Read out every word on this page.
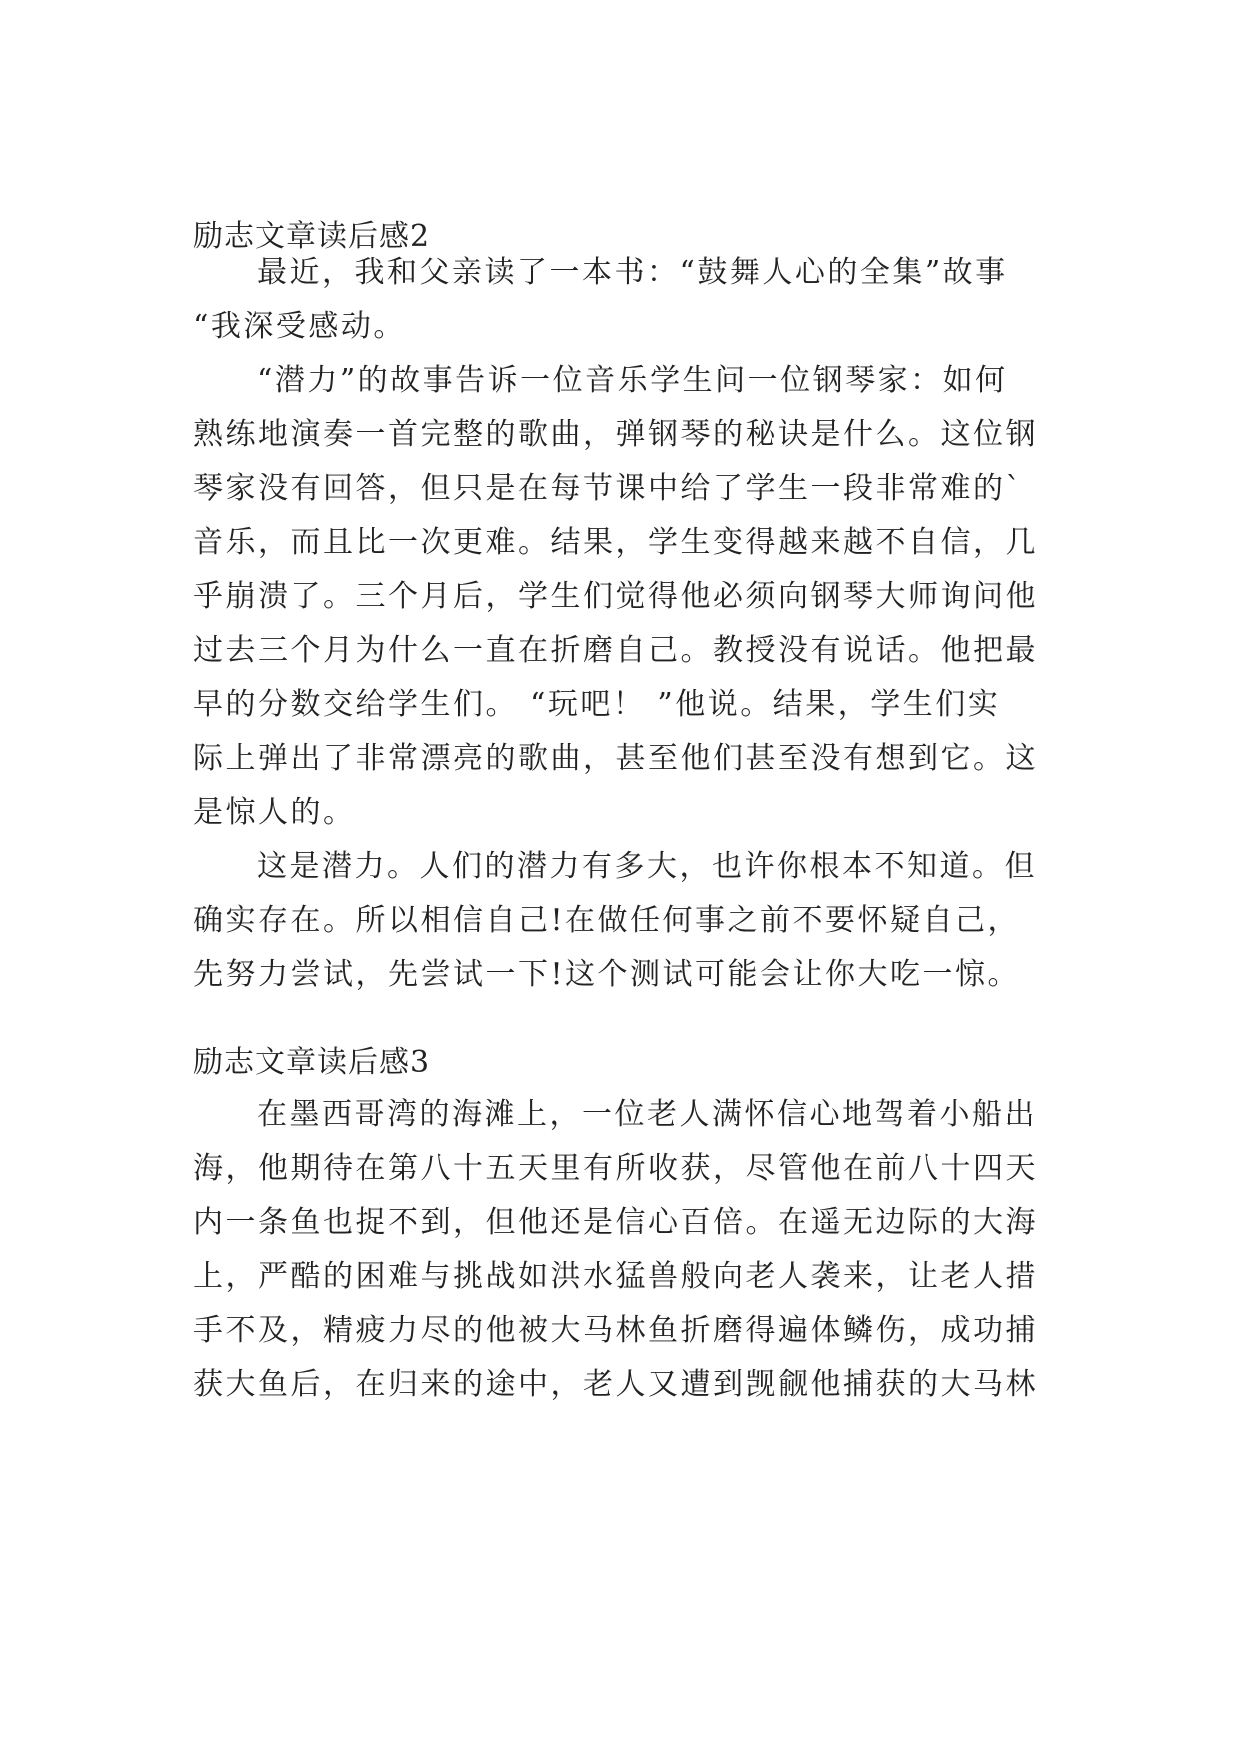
励志文章读后感2
最近，我和父亲读了一本书：“鼓舞人心的全集”故事
“我深受感动。
“潜力”的故事告诉一位音乐学生问一位钢琴家：如何
熟练地演奏一首完整的歌曲，弹钢琴的秘诀是什么。这位钢
琴家没有回答，但只是在每节课中给了学生一段非常难的`
音乐，而且比一次更难。结果，学生变得越来越不自信，几
乎崩溃了。三个月后，学生们觉得他必须向钢琴大师询问他
过去三个月为什么一直在折磨自己。教授没有说话。他把最
早的分数交给学生们。 “玩吧！ ”他说。结果，学生们实
际上弹出了非常漂亮的歌曲，甚至他们甚至没有想到它。这
是惊人的。
这是潜力。人们的潜力有多大，也许你根本不知道。但
确实存在。所以相信自己!在做任何事之前不要怀疑自己，
先努力尝试，先尝试一下!这个测试可能会让你大吃一惊。
励志文章读后感3
在墨西哥湾的海滩上，一位老人满怀信心地驾着小船出
海，他期待在第八十五天里有所收获，尽管他在前八十四天
内一条鱼也捉不到，但他还是信心百倍。在遥无边际的大海
上，严酷的困难与挑战如洪水猛兽般向老人袭来，让老人措
手不及，精疲力尽的他被大马林鱼折磨得遍体鳞伤，成功捕
获大鱼后，在归来的途中，老人又遭到觊觎他捕获的大马林
